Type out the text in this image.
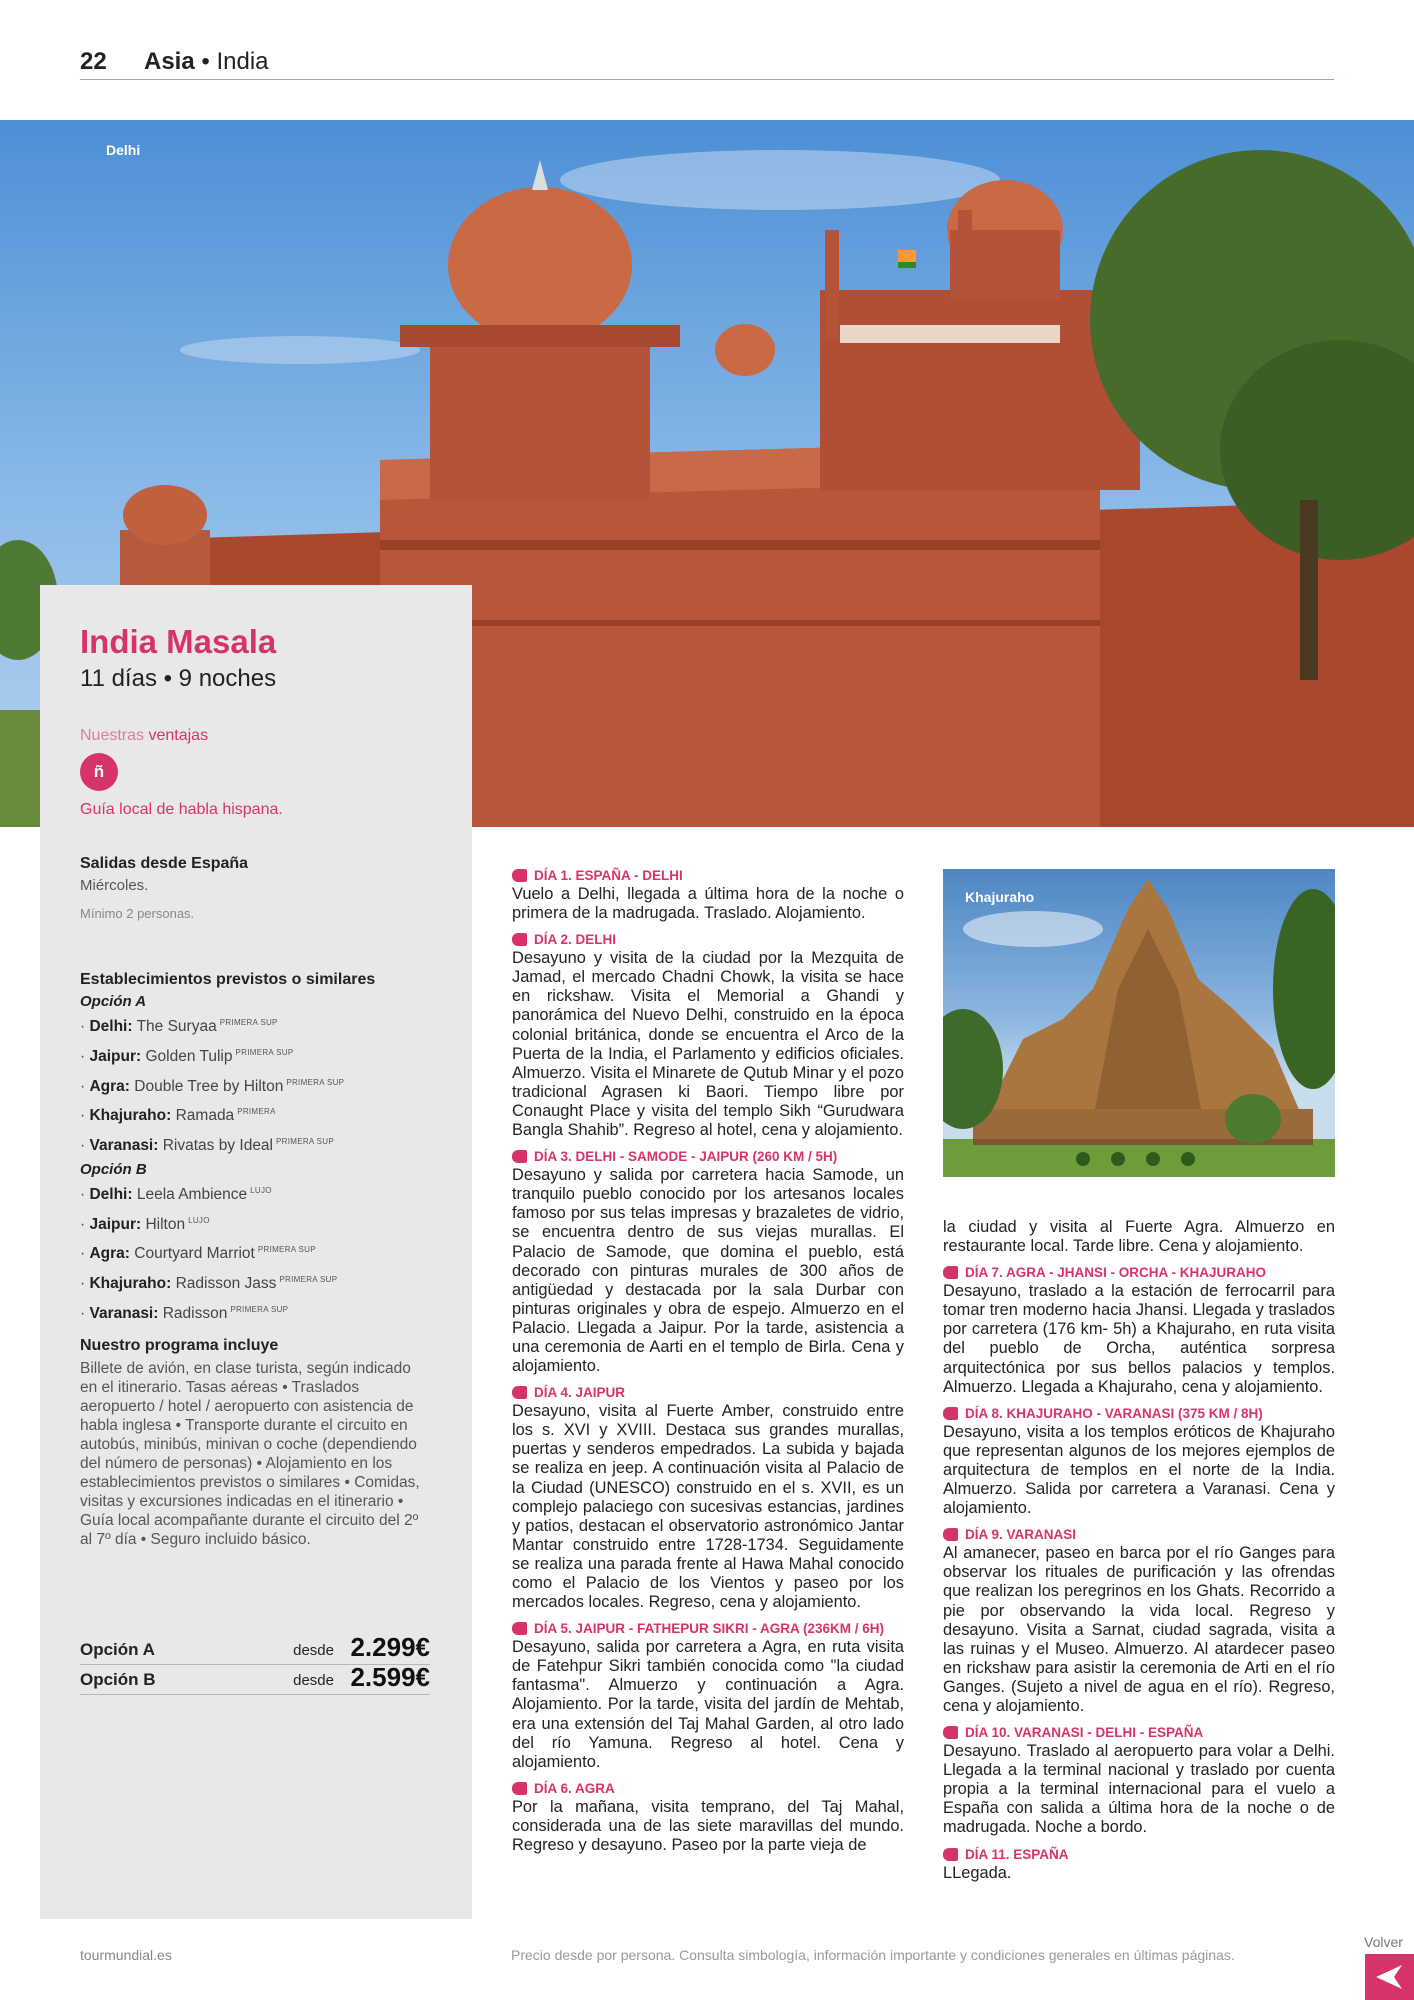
22 Asia • India
Delhi
India Masala
11 días • 9 noches
Nuestras ventajas
ñ
Guía local de habla hispana.
Salidas desde España
Miércoles.
Mínimo 2 personas.
Establecimientos previstos o similares
Opción A
· Delhi: The Suryaa $^{PRIMERA SUP}$
· Jaipur: Golden Tulip $^{PRIMERA SUP}$
· Agra: Double Tree by Hilton $^{PRIMERA SUP}$
· Khajuraho: Ramada $^{PRIMERA}$
· Varanasi: Rivatas by Ideal $^{PRIMERA SUP}$
Opción B
· Delhi: Leela Ambience $^{LUJO}$
· Jaipur: Hilton $^{LUJO}$
· Agra: Courtyard Marriot $^{PRIMERA SUP}$
· Khajuraho: Radisson Jass $^{PRIMERA SUP}$
· Varanasi: Radisson $^{PRIMERA SUP}$
Nuestro programa incluye
Billete de avión, en clase turista, según indicado en el itinerario. Tasas aéreas • Traslados aeropuerto / hotel / aeropuerto con asistencia de habla inglesa • Transporte durante el circuito en autobús, minibús, minivan o coche (dependiendo del número de personas) • Alojamiento en los establecimientos previstos o similares • Comidas, visitas y excursiones indicadas en el itinerario • Guía local acompañante durante el circuito del 2º al 7º día • Seguro incluido básico.
Opción A	desde 2.299€
Opción B	desde 2.599€
DÍA 1. ESPAÑA - DELHI
Vuelo a Delhi, llegada a última hora de la noche o primera de la madrugada. Traslado. Alojamiento.
DÍA 2. DELHI
Desayuno y visita de la ciudad por la Mezquita de Jamad, el mercado Chadni Chowk, la visita se hace en rickshaw. Visita el Memorial a Ghandi y panorámica del Nuevo Delhi, construido en la época colonial británica, donde se encuentra el Arco de la Puerta de la India, el Parlamento y edificios oficiales. Almuerzo. Visita el Minarete de Qutub Minar y el pozo tradicional Agrasen ki Baori. Tiempo libre por Conaught Place y visita del templo Sikh “Gurudwara Bangla Shahib”. Regreso al hotel, cena y alojamiento.
DÍA 3. DELHI - SAMODE - JAIPUR (260 KM / 5H)
Desayuno y salida por carretera hacia Samode, un tranquilo pueblo conocido por los artesanos locales famoso por sus telas impresas y brazaletes de vidrio, se encuentra dentro de sus viejas murallas. El Palacio de Samode, que domina el pueblo, está decorado con pinturas murales de 300 años de antigüedad y destacada por la sala Durbar con pinturas originales y obra de espejo. Almuerzo en el Palacio. Llegada a Jaipur. Por la tarde, asistencia a una ceremonia de Aarti en el templo de Birla. Cena y alojamiento.
DÍA 4. JAIPUR
Desayuno, visita al Fuerte Amber, construido entre los s. XVI y XVIII. Destaca sus grandes murallas, puertas y senderos empedrados. La subida y bajada se realiza en jeep. A continuación visita al Palacio de la Ciudad (UNESCO) construido en el s. XVII, es un complejo palaciego con sucesivas estancias, jardines y patios, destacan el observatorio astronómico Jantar Mantar construido entre 1728-1734. Seguidamente se realiza una parada frente al Hawa Mahal conocido como el Palacio de los Vientos y paseo por los mercados locales. Regreso, cena y alojamiento.
DÍA 5. JAIPUR - FATHEPUR SIKRI - AGRA (236KM / 6H)
Desayuno, salida por carretera a Agra, en ruta visita de Fatehpur Sikri también conocida como "la ciudad fantasma". Almuerzo y continuación a Agra. Alojamiento. Por la tarde, visita del jardín de Mehtab, era una extensión del Taj Mahal Garden, al otro lado del río Yamuna. Regreso al hotel. Cena y alojamiento.
DÍA 6. AGRA
Por la mañana, visita temprano, del Taj Mahal, considerada una de las siete maravillas del mundo. Regreso y desayuno. Paseo por la parte vieja de
Khajuraho
la ciudad y visita al Fuerte Agra. Almuerzo en restaurante local. Tarde libre. Cena y alojamiento.
DÍA 7. AGRA - JHANSI - ORCHA - KHAJURAHO
Desayuno, traslado a la estación de ferrocarril para tomar tren moderno hacia Jhansi. Llegada y traslados por carretera (176 km- 5h) a Khajuraho, en ruta visita del pueblo de Orcha, auténtica sorpresa arquitectónica por sus bellos palacios y templos. Almuerzo. Llegada a Khajuraho, cena y alojamiento.
DÍA 8. KHAJURAHO - VARANASI (375 KM / 8H)
Desayuno, visita a los templos eróticos de Khajuraho que representan algunos de los mejores ejemplos de arquitectura de templos en el norte de la India. Almuerzo. Salida por carretera a Varanasi. Cena y alojamiento.
DÍA 9. VARANASI
Al amanecer, paseo en barca por el río Ganges para observar los rituales de purificación y las ofrendas que realizan los peregrinos en los Ghats. Recorrido a pie por observando la vida local. Regreso y desayuno. Visita a Sarnat, ciudad sagrada, visita a las ruinas y el Museo. Almuerzo. Al atardecer paseo en rickshaw para asistir la ceremonia de Arti en el río Ganges. (Sujeto a nivel de agua en el río). Regreso, cena y alojamiento.
DÍA 10. VARANASI - DELHI - ESPAÑA
Desayuno. Traslado al aeropuerto para volar a Delhi. Llegada a la terminal nacional y traslado por cuenta propia a la terminal internacional para el vuelo a España con salida a última hora de la noche o de madrugada. Noche a bordo.
DÍA 11. ESPAÑA
LLegada.
tourmundial.es	Precio desde por persona. Consulta simbología, información importante y condiciones generales en últimas páginas.
Volver
